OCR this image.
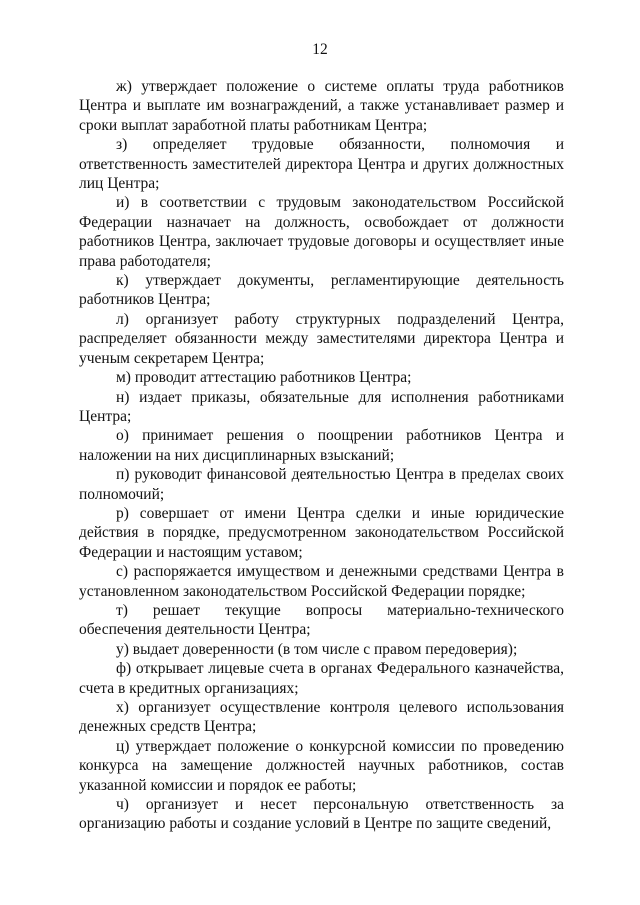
12

ж) утверждает положение о системе оплаты труда работников Центра и выплате им вознаграждений, а также устанавливает размер и сроки выплат заработной платы работникам Центра;

з) определяет трудовые обязанности, полномочия и ответственность заместителей директора Центра и других должностных лиц Центра;

и) в соответствии с трудовым законодательством Российской Федерации назначает на должность, освобождает от должности работников Центра, заключает трудовые договоры и осуществляет иные права работодателя;

к) утверждает документы, регламентирующие деятельность работников Центра;

л) организует работу структурных подразделений Центра, распределяет обязанности между заместителями директора Центра и ученым секретарем Центра;

м) проводит аттестацию работников Центра;

н) издает приказы, обязательные для исполнения работниками Центра;

о) принимает решения о поощрении работников Центра и наложении на них дисциплинарных взысканий;

п) руководит финансовой деятельностью Центра в пределах своих полномочий;

р) совершает от имени Центра сделки и иные юридические действия в порядке, предусмотренном законодательством Российской Федерации и настоящим уставом;

с) распоряжается имуществом и денежными средствами Центра в установленном законодательством Российской Федерации порядке;

т) решает текущие вопросы материально-технического обеспечения деятельности Центра;

у) выдает доверенности (в том числе с правом передоверия);

ф) открывает лицевые счета в органах Федерального казначейства, счета в кредитных организациях;

х) организует осуществление контроля целевого использования денежных средств Центра;

ц) утверждает положение о конкурсной комиссии по проведению конкурса на замещение должностей научных работников, состав указанной комиссии и порядок ее работы;

ч) организует и несет персональную ответственность за организацию работы и создание условий в Центре по защите сведений,
